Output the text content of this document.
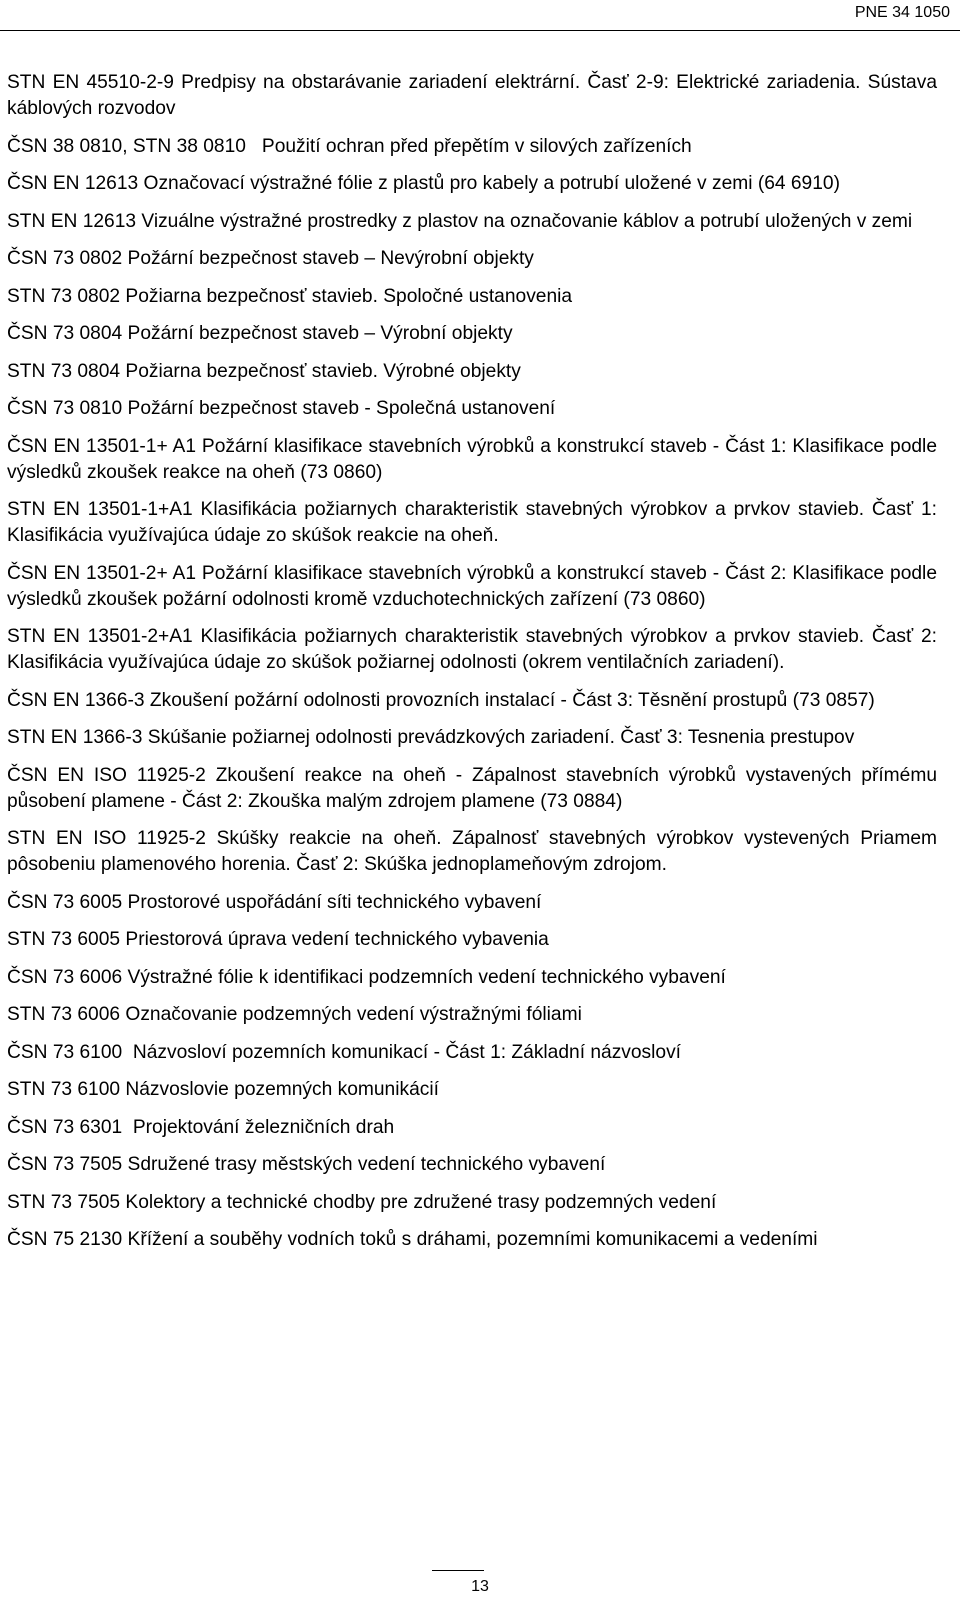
PNE 34 1050

STN EN 45510-2-9 Predpisy na obstarávanie zariadení elektrární. Časť 2-9: Elektrické zariadenia. Sústava káblových rozvodov

ČSN 38 0810, STN 38 0810   Použití ochran před přepětím v silových zařízeních

ČSN EN 12613 Označovací výstražné fólie z plastů pro kabely a potrubí uložené v zemi (64 6910)

STN EN 12613 Vizuálne výstražné prostredky z plastov na označovanie káblov a potrubí uložených v zemi

ČSN 73 0802 Požární bezpečnost staveb – Nevýrobní objekty

STN 73 0802 Požiarna bezpečnosť stavieb. Spoločné ustanovenia

ČSN 73 0804 Požární bezpečnost staveb – Výrobní objekty

STN 73 0804 Požiarna bezpečnosť stavieb. Výrobné objekty

ČSN 73 0810 Požární bezpečnost staveb - Společná ustanovení

ČSN EN 13501-1+ A1 Požární klasifikace stavebních výrobků a konstrukcí staveb - Část 1: Klasifikace podle výsledků zkoušek reakce na oheň (73 0860)

STN EN 13501-1+A1 Klasifikácia požiarnych charakteristik stavebných výrobkov a prvkov stavieb. Časť 1: Klasifikácia využívajúca údaje zo skúšok reakcie na oheň.

ČSN EN 13501-2+ A1 Požární klasifikace stavebních výrobků a konstrukcí staveb - Část 2: Klasifikace podle výsledků zkoušek požární odolnosti kromě vzduchotechnických zařízení (73 0860)

STN EN 13501-2+A1 Klasifikácia požiarnych charakteristik stavebných výrobkov a prvkov stavieb. Časť 2: Klasifikácia využívajúca údaje zo skúšok požiarnej odolnosti (okrem ventilačních zariadení).

ČSN EN 1366-3 Zkoušení požární odolnosti provozních instalací - Část 3: Těsnění prostupů (73 0857)

STN EN 1366-3 Skúšanie požiarnej odolnosti prevádzkových zariadení. Časť 3: Tesnenia prestupov

ČSN EN ISO 11925-2 Zkoušení reakce na oheň - Zápalnost stavebních výrobků vystavených přímému působení plamene - Část 2: Zkouška malým zdrojem plamene (73 0884)

STN EN ISO 11925-2 Skúšky reakcie na oheň. Zápalnosť stavebných výrobkov vystevených Priamem pôsobeniu plamenového horenia. Časť 2: Skúška jednoplameňovým zdrojom.

ČSN 73 6005 Prostorové uspořádání síti technického vybavení

STN 73 6005 Priestorová úprava vedení technického vybavenia

ČSN 73 6006 Výstražné fólie k identifikaci podzemních vedení technického vybavení

STN 73 6006 Označovanie podzemných vedení výstražnými fóliami

ČSN 73 6100  Názvosloví pozemních komunikací - Část 1: Základní názvosloví

STN 73 6100 Názvoslovie pozemných komunikácií

ČSN 73 6301  Projektování železničních drah

ČSN 73 7505 Sdružené trasy městských vedení technického vybavení

STN 73 7505 Kolektory a technické chodby pre združené trasy podzemných vedení

ČSN 75 2130 Křížení a souběhy vodních toků s dráhami, pozemními komunikacemi a vedeními

13
